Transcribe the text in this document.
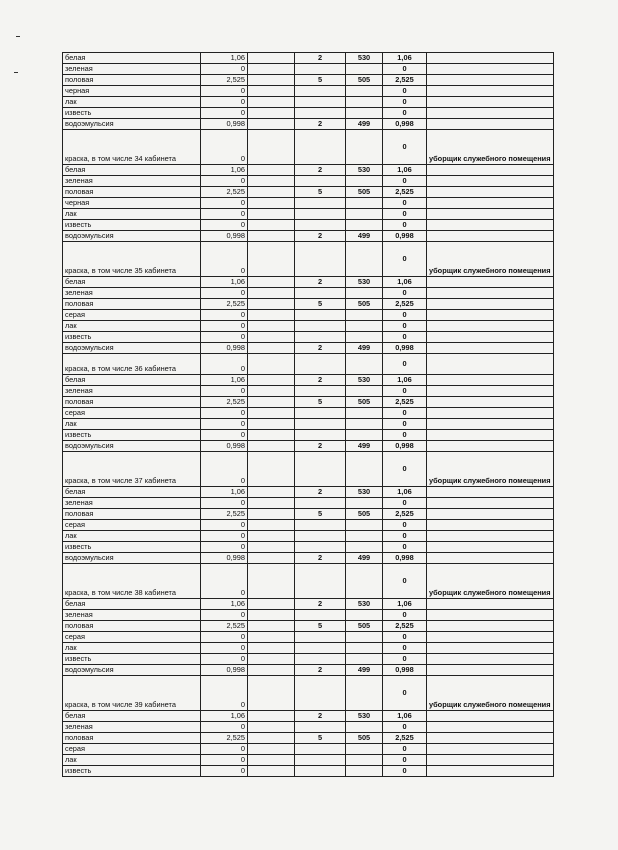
белая	1,06		2	530	1,06	
зеленая	0				0	
половая	2,525		5	505	2,525	
черная	0				0	
лак	0				0	
известь	0				0	
водоэмульсия	0,998		2	499	0,998	
краска, в том числе 34 кабинета	0				0	уборщик служебного помещения
белая	1,06		2	530	1,06	
зеленая	0				0	
половая	2,525		5	505	2,525	
черная	0				0	
лак	0				0	
известь	0				0	
водоэмульсия	0,998		2	499	0,998	
краска, в том числе 35 кабинета	0				0	уборщик служебного помещения
белая	1,06		2	530	1,06	
зеленая	0				0	
половая	2,525		5	505	2,525	
серая	0				0	
лак	0				0	
известь	0				0	
водоэмульсия	0,998		2	499	0,998	
краска, в том числе 36 кабинета	0				0	
белая	1,06		2	530	1,06	
зеленая	0				0	
половая	2,525		5	505	2,525	
серая	0				0	
лак	0				0	
известь	0				0	
водоэмульсия	0,998		2	499	0,998	
краска, в том числе 37 кабинета	0				0	уборщик служебного помещения
белая	1,06		2	530	1,06	
зеленая	0				0	
половая	2,525		5	505	2,525	
серая	0				0	
лак	0				0	
известь	0				0	
водоэмульсия	0,998		2	499	0,998	
краска, в том числе 38 кабинета	0				0	уборщик служебного помещения
белая	1,06		2	530	1,06	
зеленая	0				0	
половая	2,525		5	505	2,525	
серая	0				0	
лак	0				0	
известь	0				0	
водоэмульсия	0,998		2	499	0,998	
краска, в том числе 39 кабинета	0				0	уборщик служебного помещения
белая	1,06		2	530	1,06	
зеленая	0				0	
половая	2,525		5	505	2,525	
серая	0				0	
лак	0				0	
известь	0				0	
